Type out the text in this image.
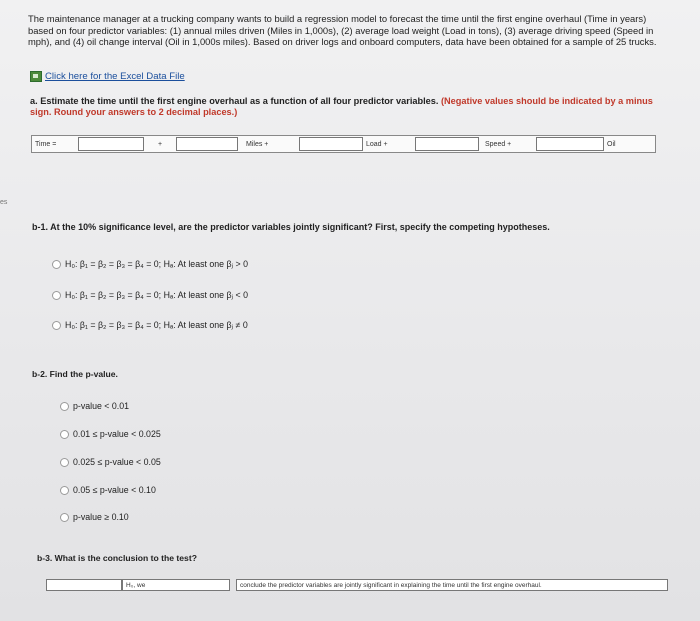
The maintenance manager at a trucking company wants to build a regression model to forecast the time until the first engine overhaul (Time in years) based on four predictor variables: (1) annual miles driven (Miles in 1,000s), (2) average load weight (Load in tons), (3) average driving speed (Speed in mph), and (4) oil change interval (Oil in 1,000s miles). Based on driver logs and onboard computers, data have been obtained for a sample of 25 trucks.
Click here for the Excel Data File
a. Estimate the time until the first engine overhaul as a function of all four predictor variables. (Negative values should be indicated by a minus sign. Round your answers to 2 decimal places.)
Time =	+	Miles +	Load +	Speed +	Oil
es
b-1. At the 10% significance level, are the predictor variables jointly significant? First, specify the competing hypotheses.
H₀: β₁ = β₂ = β₃ = β₄ = 0; Hₐ: At least one βⱼ > 0
H₀: β₁ = β₂ = β₃ = β₄ = 0; Hₐ: At least one βⱼ < 0
H₀: β₁ = β₂ = β₃ = β₄ = 0; Hₐ: At least one βⱼ ≠ 0
b-2. Find the p-value.
p-value < 0.01
0.01 ≤ p-value < 0.025
0.025 ≤ p-value < 0.05
0.05 ≤ p-value < 0.10
p-value ≥ 0.10
b-3. What is the conclusion to the test?
H₀, we	conclude the predictor variables are jointly significant in explaining the time until the first engine overhaul.
